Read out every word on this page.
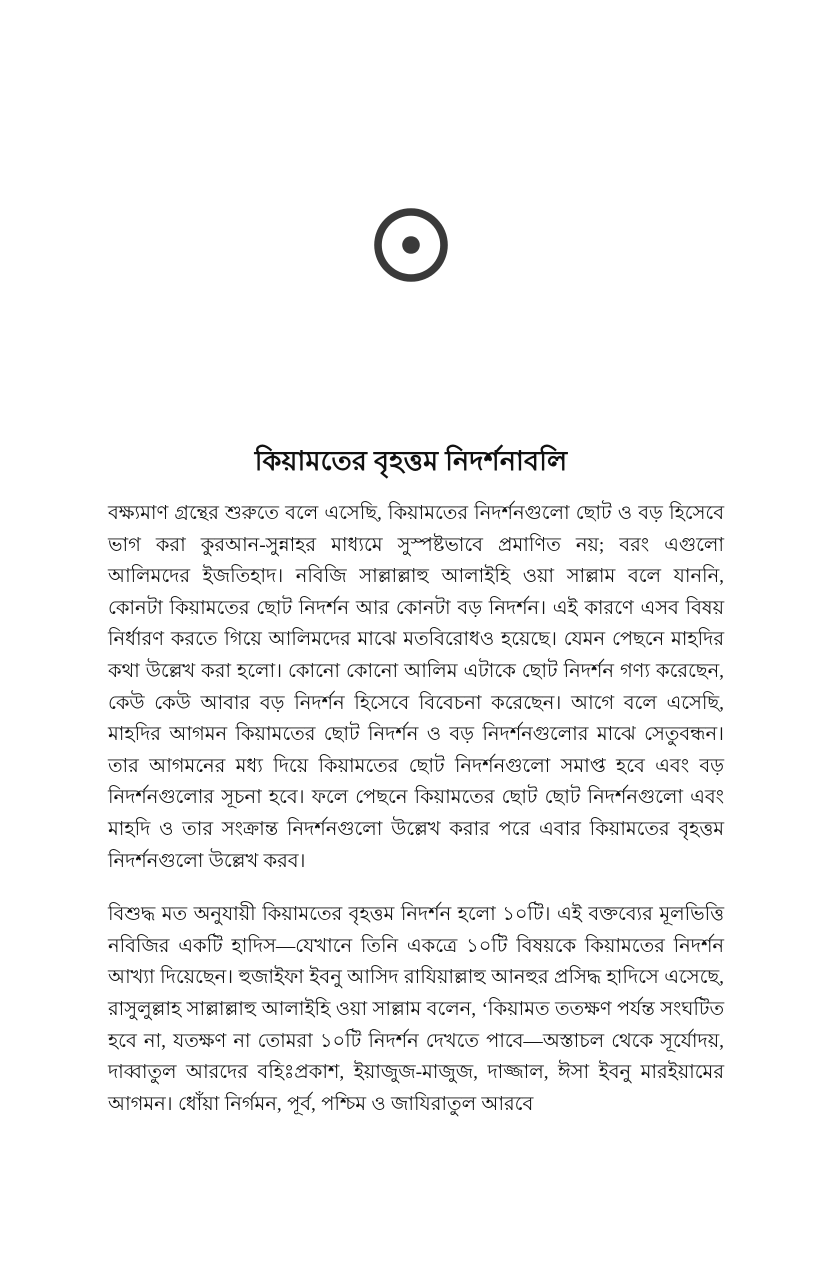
কিয়ামতের বৃহত্তম নিদর্শনাবলি

বক্ষ্যমাণ গ্রন্থের শুরুতে বলে এসেছি, কিয়ামতের নিদর্শনগুলো ছোট ও বড় হিসেবে ভাগ করা কুরআন-সুন্নাহর মাধ্যমে সুস্পষ্টভাবে প্রমাণিত নয়; বরং এগুলো আলিমদের ইজতিহাদ। নবিজি সাল্লাল্লাহু আলাইহি ওয়া সাল্লাম বলে যাননি, কোনটা কিয়ামতের ছোট নিদর্শন আর কোনটা বড় নিদর্শন। এই কারণে এসব বিষয় নির্ধারণ করতে গিয়ে আলিমদের মাঝে মতবিরোধও হয়েছে। যেমন পেছনে মাহদির কথা উল্লেখ করা হলো। কোনো কোনো আলিম এটাকে ছোট নিদর্শন গণ্য করেছেন, কেউ কেউ আবার বড় নিদর্শন হিসেবে বিবেচনা করেছেন। আগে বলে এসেছি, মাহদির আগমন কিয়ামতের ছোট নিদর্শন ও বড় নিদর্শনগুলোর মাঝে সেতুবন্ধন। তার আগমনের মধ্য দিয়ে কিয়ামতের ছোট নিদর্শনগুলো সমাপ্ত হবে এবং বড় নিদর্শনগুলোর সূচনা হবে। ফলে পেছনে কিয়ামতের ছোট ছোট নিদর্শনগুলো এবং মাহদি ও তার সংক্রান্ত নিদর্শনগুলো উল্লেখ করার পরে এবার কিয়ামতের বৃহত্তম নিদর্শনগুলো উল্লেখ করব।

বিশুদ্ধ মত অনুযায়ী কিয়ামতের বৃহত্তম নিদর্শন হলো ১০টি। এই বক্তব্যের মূলভিত্তি নবিজির একটি হাদিস—যেখানে তিনি একত্রে ১০টি বিষয়কে কিয়ামতের নিদর্শন আখ্যা দিয়েছেন। হুজাইফা ইবনু আসিদ রাযিয়াল্লাহু আনহুর প্রসিদ্ধ হাদিসে এসেছে, রাসুলুল্লাহ সাল্লাল্লাহু আলাইহি ওয়া সাল্লাম বলেন, ‘কিয়ামত ততক্ষণ পর্যন্ত সংঘটিত হবে না, যতক্ষণ না তোমরা ১০টি নিদর্শন দেখতে পাবে—অস্তাচল থেকে সূর্যোদয়, দাব্বাতুল আরদের বহিঃপ্রকাশ, ইয়াজুজ-মাজুজ, দাজ্জাল, ঈসা ইবনু মারইয়ামের আগমন। ধোঁয়া নির্গমন, পূর্ব, পশ্চিম ও জাযিরাতুল আরবে
